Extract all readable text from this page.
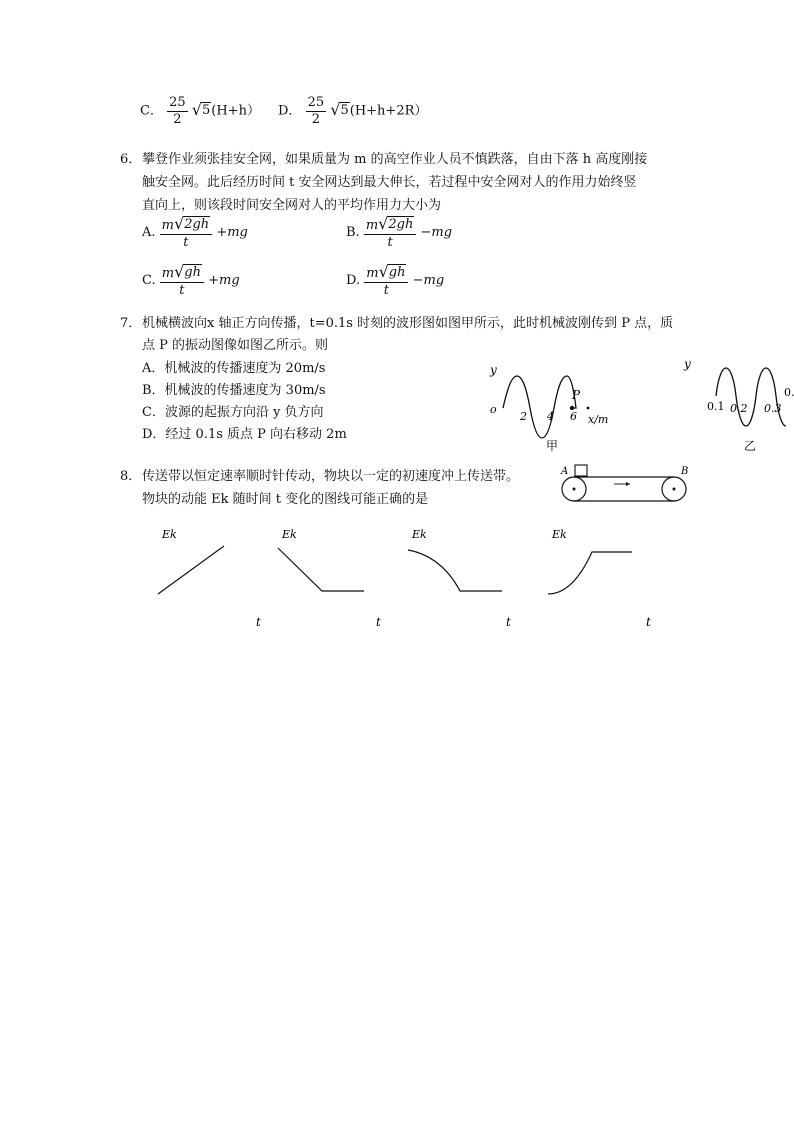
C． $\frac{25}{2}$
√ 5 (H+h） D． $\frac{25}{2}$
√ 5 (H+h+2R）
6． 攀登作业须张挂安全网，如果质量为 m 的高空作业人员不慎跌落，自由下落 h 高度刚接
触安全网。此后经历时间 t 安全网达到最大伸长，若过程中安全网对人的作用力始终竖
直向上，则该段时间安全网对人的平均作用力大小为
A. $\frac{m √ 2gh}{t} +mg$	B. $\frac{m √ 2gh}{t} -mg$
C. $\frac{m √ gh}{t} +mg$	D. $\frac{m √ gh}{t} -mg$
7． 机械横波向x 轴正方向传播，t=0.1s 时刻的波形图如图甲所示，此时机械波刚传到 P 点，质
点 P 的振动图像如图乙所示。则
A．机械波的传播速度为 20m/s
B．机械波的传播速度为 30m/s
C．波源的起振方向沿 y 负方向
D．经过 0.1s 质点 P 向右移动 2m
y
o
2 4 6
P
x/m
甲
y
0.1 0.2 0.3
0.
乙
8． 传送带以恒定速率顺时针传动，物块以一定的初速度冲上传送带。
物块的动能 Ek 随时间 t 变化的图线可能正确的是
A	B
Ek
t
Ek
t
Ek
t
Ek
t
